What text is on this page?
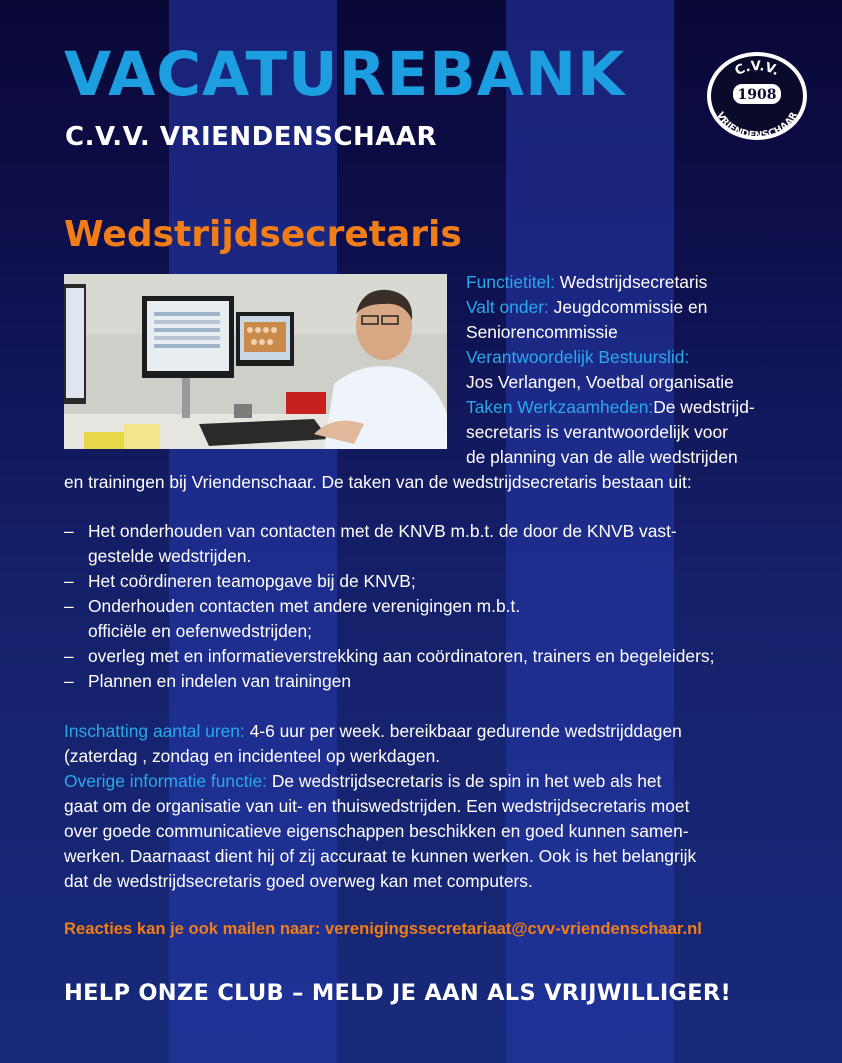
VACATUREBANK
C.V.V. VRIENDENSCHAAR
C.V.V.
1908
VRIENDENSCHAAR
Wedstrijdsecretaris

Functietitel: Wedstrijdsecretaris

Valt onder: Jeugdcommissie en

Seniorencommissie

Verantwoordelijk Bestuurslid:

Jos Verlangen, Voetbal organisatie

Taken Werkzaamheden:De wedstrijd-

secretaris is verantwoordelijk voor

de planning van de alle wedstrijden

en trainingen bij Vriendenschaar. De taken van de wedstrijdsecretaris bestaan uit:
– Het onderhouden van contacten met de KNVB m.b.t. de door de KNVB vast-
gestelde wedstrijden.
– Het coördineren teamopgave bij de KNVB;
– Onderhouden contacten met andere verenigingen m.b.t.
officiële en oefenwedstrijden;
– overleg met en informatieverstrekking aan coördinatoren, trainers en begeleiders;
– Plannen en indelen van trainingen
Inschatting aantal uren: 4-6 uur per week. bereikbaar gedurende wedstrijddagen
(zaterdag , zondag en incidenteel op werkdagen.
Overige informatie functie: De wedstrijdsecretaris is de spin in het web als het
gaat om de organisatie van uit- en thuiswedstrijden. Een wedstrijdsecretaris moet
over goede communicatieve eigenschappen beschikken en goed kunnen samen-
werken. Daarnaast dient hij of zij accuraat te kunnen werken. Ook is het belangrijk
dat de wedstrijdsecretaris goed overweg kan met computers.
Reacties kan je ook mailen naar: verenigingssecretariaat@cvv-vriendenschaar.nl
HELP ONZE CLUB – MELD JE AAN ALS VRIJWILLIGER!
